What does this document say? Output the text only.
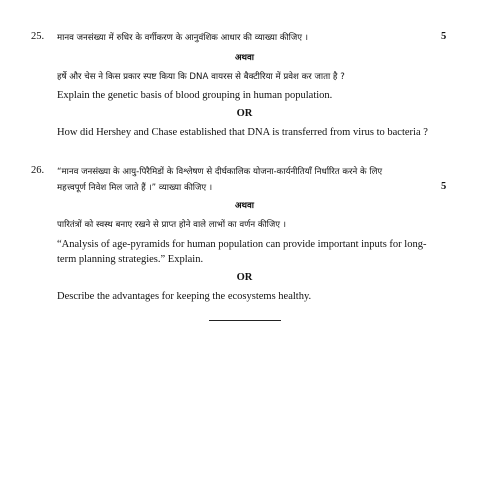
25. मानव जनसंख्या में रुधिर के वर्गीकरण के आनुवंशिक आधार की व्याख्या कीजिए ।	5
अथवा
हर्षे और चेस ने किस प्रकार स्पष्ट किया कि DNA वायरस से बैक्टीरिया में प्रवेश कर जाता है ?
Explain the genetic basis of blood grouping in human population.
OR
How did Hershey and Chase established that DNA is transferred from virus to bacteria ?
26. “मानव जनसंख्या के आयु-पिरैमिडों के विश्लेषण से दीर्घकालिक योजना-कार्यनीतियाँ निर्धारित करने के लिए
महत्त्वपूर्ण निवेश मिल जाते हैं ।” व्याख्या कीजिए ।	5
अथवा
पारितंत्रों को स्वस्थ बनाए रखने से प्राप्त होने वाले लाभों का वर्णन कीजिए ।
“Analysis of age-pyramids for human population can provide important inputs for long-
term planning strategies.” Explain.
OR
Describe the advantages for keeping the ecosystems healthy.
